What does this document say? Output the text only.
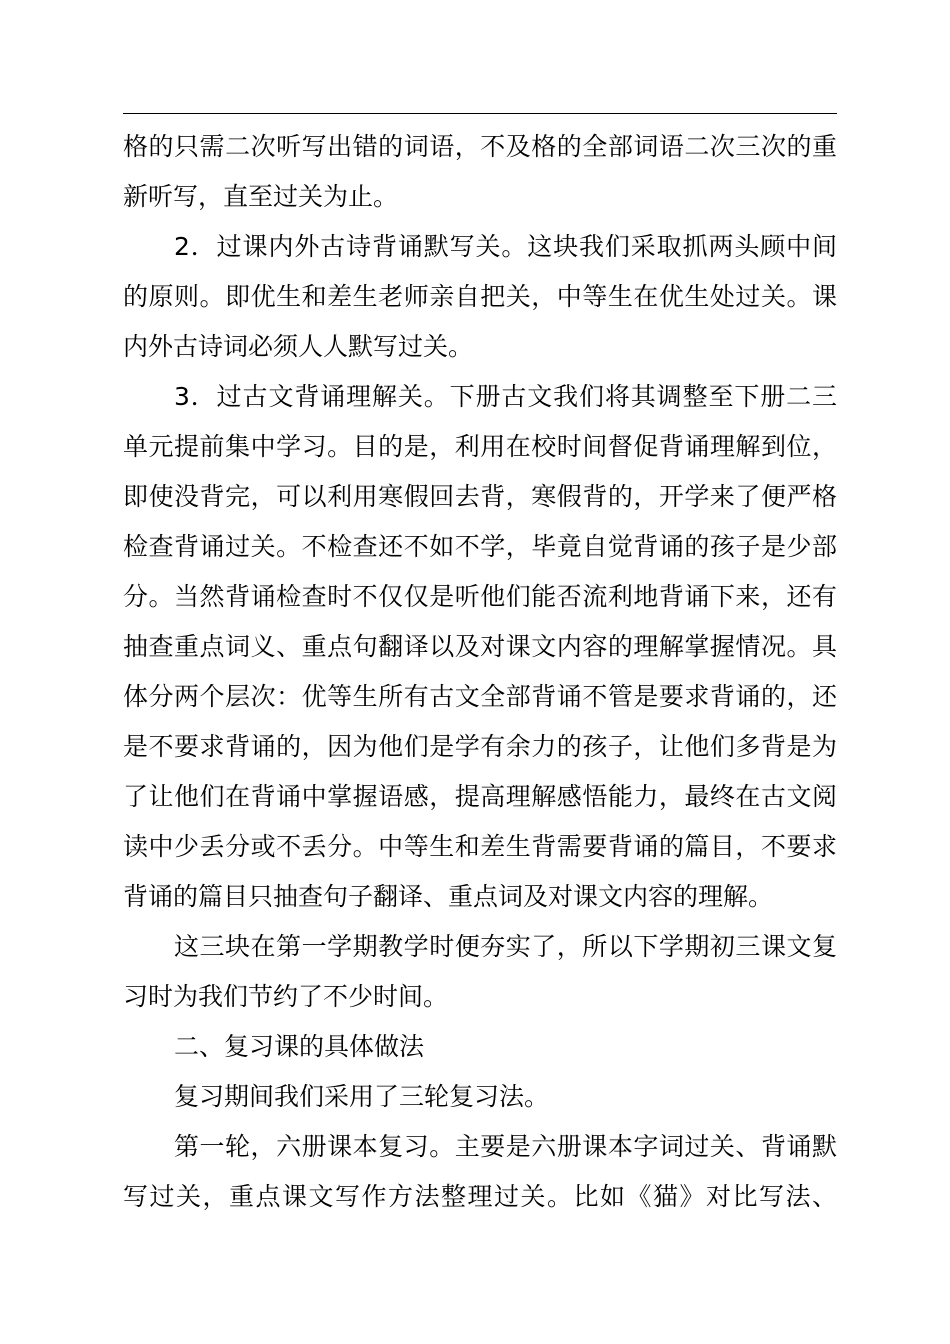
格的只需二次听写出错的词语，不及格的全部词语二次三次的重
新听写，直至过关为止。
2．过课内外古诗背诵默写关。这块我们采取抓两头顾中间
的原则。即优生和差生老师亲自把关，中等生在优生处过关。课
内外古诗词必须人人默写过关。
3．过古文背诵理解关。下册古文我们将其调整至下册二三
单元提前集中学习。目的是，利用在校时间督促背诵理解到位，
即使没背完，可以利用寒假回去背，寒假背的，开学来了便严格
检查背诵过关。不检查还不如不学，毕竟自觉背诵的孩子是少部
分。当然背诵检查时不仅仅是听他们能否流利地背诵下来，还有
抽查重点词义、重点句翻译以及对课文内容的理解掌握情况。具
体分两个层次：优等生所有古文全部背诵不管是要求背诵的，还
是不要求背诵的，因为他们是学有余力的孩子，让他们多背是为
了让他们在背诵中掌握语感，提高理解感悟能力，最终在古文阅
读中少丢分或不丢分。中等生和差生背需要背诵的篇目，不要求
背诵的篇目只抽查句子翻译、重点词及对课文内容的理解。
这三块在第一学期教学时便夯实了，所以下学期初三课文复
习时为我们节约了不少时间。
二、复习课的具体做法
复习期间我们采用了三轮复习法。
第一轮，六册课本复习。主要是六册课本字词过关、背诵默
写过关，重点课文写作方法整理过关。比如《猫》对比写法、
